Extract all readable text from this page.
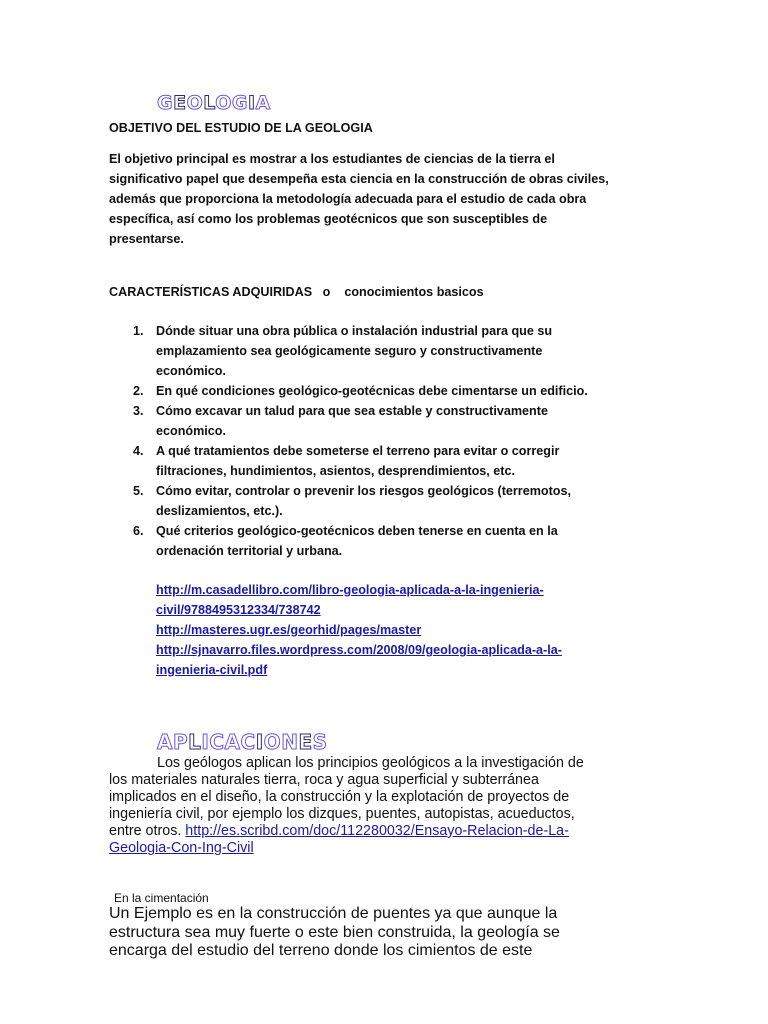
GEOLOGIA
OBJETIVO DEL ESTUDIO DE LA GEOLOGIA
El objetivo principal es mostrar a los estudiantes de ciencias de la tierra el
significativo papel que desempeña esta ciencia en la construcción de obras civiles,
además que proporciona la metodología adecuada para el estudio de cada obra
específica, así como los problemas geotécnicos que son susceptibles de
presentarse.
CARACTERÍSTICAS ADQUIRIDAS   o    conocimientos basicos
1. Dónde situar una obra pública o instalación industrial para que su
emplazamiento sea geológicamente seguro y constructivamente
económico.
2. En qué condiciones geológico-geotécnicas debe cimentarse un edificio.
3. Cómo excavar un talud para que sea estable y constructivamente
económico.
4. A qué tratamientos debe someterse el terreno para evitar o corregir
filtraciones, hundimientos, asientos, desprendimientos, etc.
5. Cómo evitar, controlar o prevenir los riesgos geológicos (terremotos,
deslizamientos, etc.).
6. Qué criterios geológico-geotécnicos deben tenerse en cuenta en la
ordenación territorial y urbana.
http://m.casadellibro.com/libro-geologia-aplicada-a-la-ingenieria-
civil/9788495312334/738742
http://masteres.ugr.es/georhid/pages/master
http://sjnavarro.files.wordpress.com/2008/09/geologia-aplicada-a-la-
ingenieria-civil.pdf
APLICACIONES
Los geólogos aplican los principios geológicos a la investigación de
los materiales naturales tierra, roca y agua superficial y subterránea
implicados en el diseño, la construcción y la explotación de proyectos de
ingeniería civil, por ejemplo los dizques, puentes, autopistas, acueductos,
entre otros. http://es.scribd.com/doc/112280032/Ensayo-Relacion-de-La-
Geologia-Con-Ing-Civil
En la cimentación
Un Ejemplo es en la construcción de puentes ya que aunque la
estructura sea muy fuerte o este bien construida, la geología se
encarga del estudio del terreno donde los cimientos de este
